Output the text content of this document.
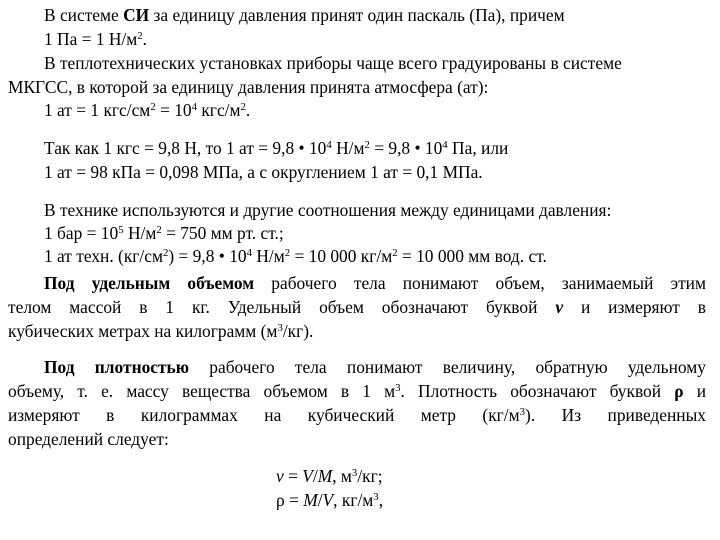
В системе СИ за единицу давления принят один паскаль (Па), причем
1 Па = 1 $Н/м^2$.
В теплотехнических установках приборы чаще всего градуированы в системе
МКГСС, в которой за единицу давления принята атмосфера (ат):
1 ат = 1 кгс/$см^2 = 10^4$ кгс/$м^2$.
Так как 1 кгс = 9,8 Н, то 1 ат = 9,8 • $10^4$ $Н/м^2 = 9,8$ • $10^4$ Па, или
1 ат = 98 кПа = 0,098 МПа, а с округлением 1 ат = 0,1 МПа.
В технике используются и другие соотношения между единицами давления:
1 бар = $10^5$ $Н/м^2 = 750$ мм рт. ст.;
1 ат техн. $(кг/см^2) = 9,8$ • $10^4$ $Н/м^2 = 10$ 000 $кг/м^2 = 10$ 000 мм вод. ст.
Под удельным объемом рабочего тела понимают объем, занимаемый этим
телом массой в 1 кг. Удельный объем обозначают буквой v и измеряют в
кубических метрах на килограмм $(м^3/кг)$.
Под плотностью рабочего тела понимают величину, обратную удельному
объему, т. е. массу вещества объемом в 1 $м^3$. Плотность обозначают буквой ρ и
измеряют в килограммах на кубический метр $(кг/м^3)$. Из приведенных
определений следует:
v = V/M, $м^3/кг$;
ρ = M/V, $кг/м^3$,
